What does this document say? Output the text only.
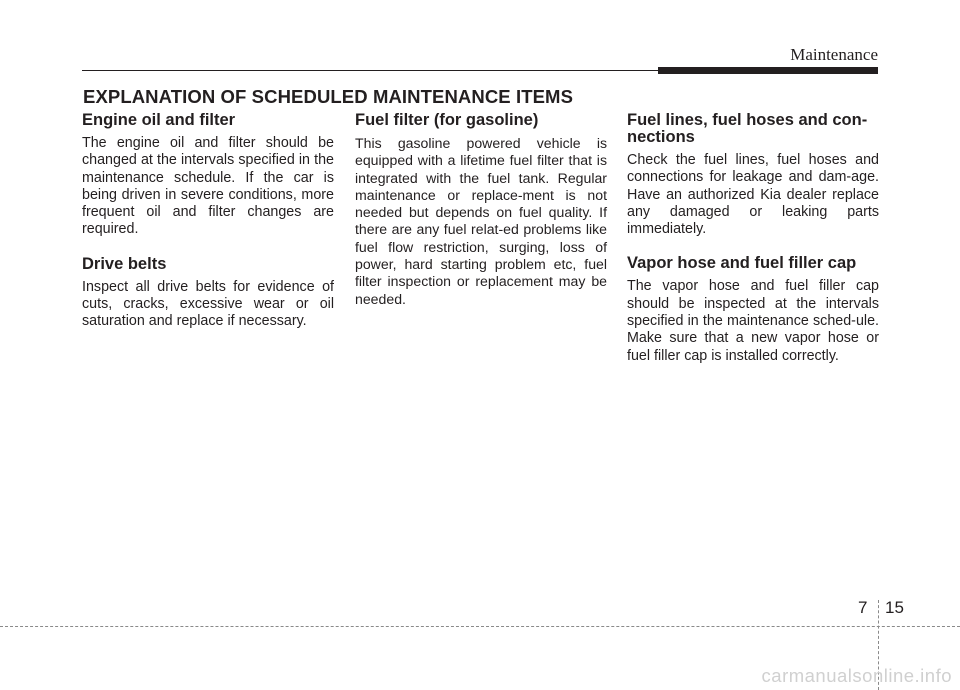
Maintenance
EXPLANATION OF SCHEDULED MAINTENANCE ITEMS
Engine oil and filter

The engine oil and filter should be changed at the intervals specified in the maintenance schedule. If the car is being driven in severe conditions, more frequent oil and filter changes are required.

Drive belts

Inspect all drive belts for evidence of cuts, cracks, excessive wear or oil saturation and replace if necessary.

Fuel filter (for gasoline)

This gasoline powered vehicle is equipped with a lifetime fuel filter that is integrated with the fuel tank. Regular maintenance or replace-ment is not needed but depends on fuel quality. If there are any fuel relat-ed problems like fuel flow restriction, surging, loss of power, hard starting problem etc, fuel filter inspection or replacement may be needed.

Fuel lines, fuel hoses and con-nections

Check the fuel lines, fuel hoses and connections for leakage and dam-age. Have an authorized Kia dealer replace any damaged or leaking parts immediately.

Vapor hose and fuel filler cap

The vapor hose and fuel filler cap should be inspected at the intervals specified in the maintenance sched-ule. Make sure that a new vapor hose or fuel filler cap is installed correctly.

7 15
carmanualsonline.info
